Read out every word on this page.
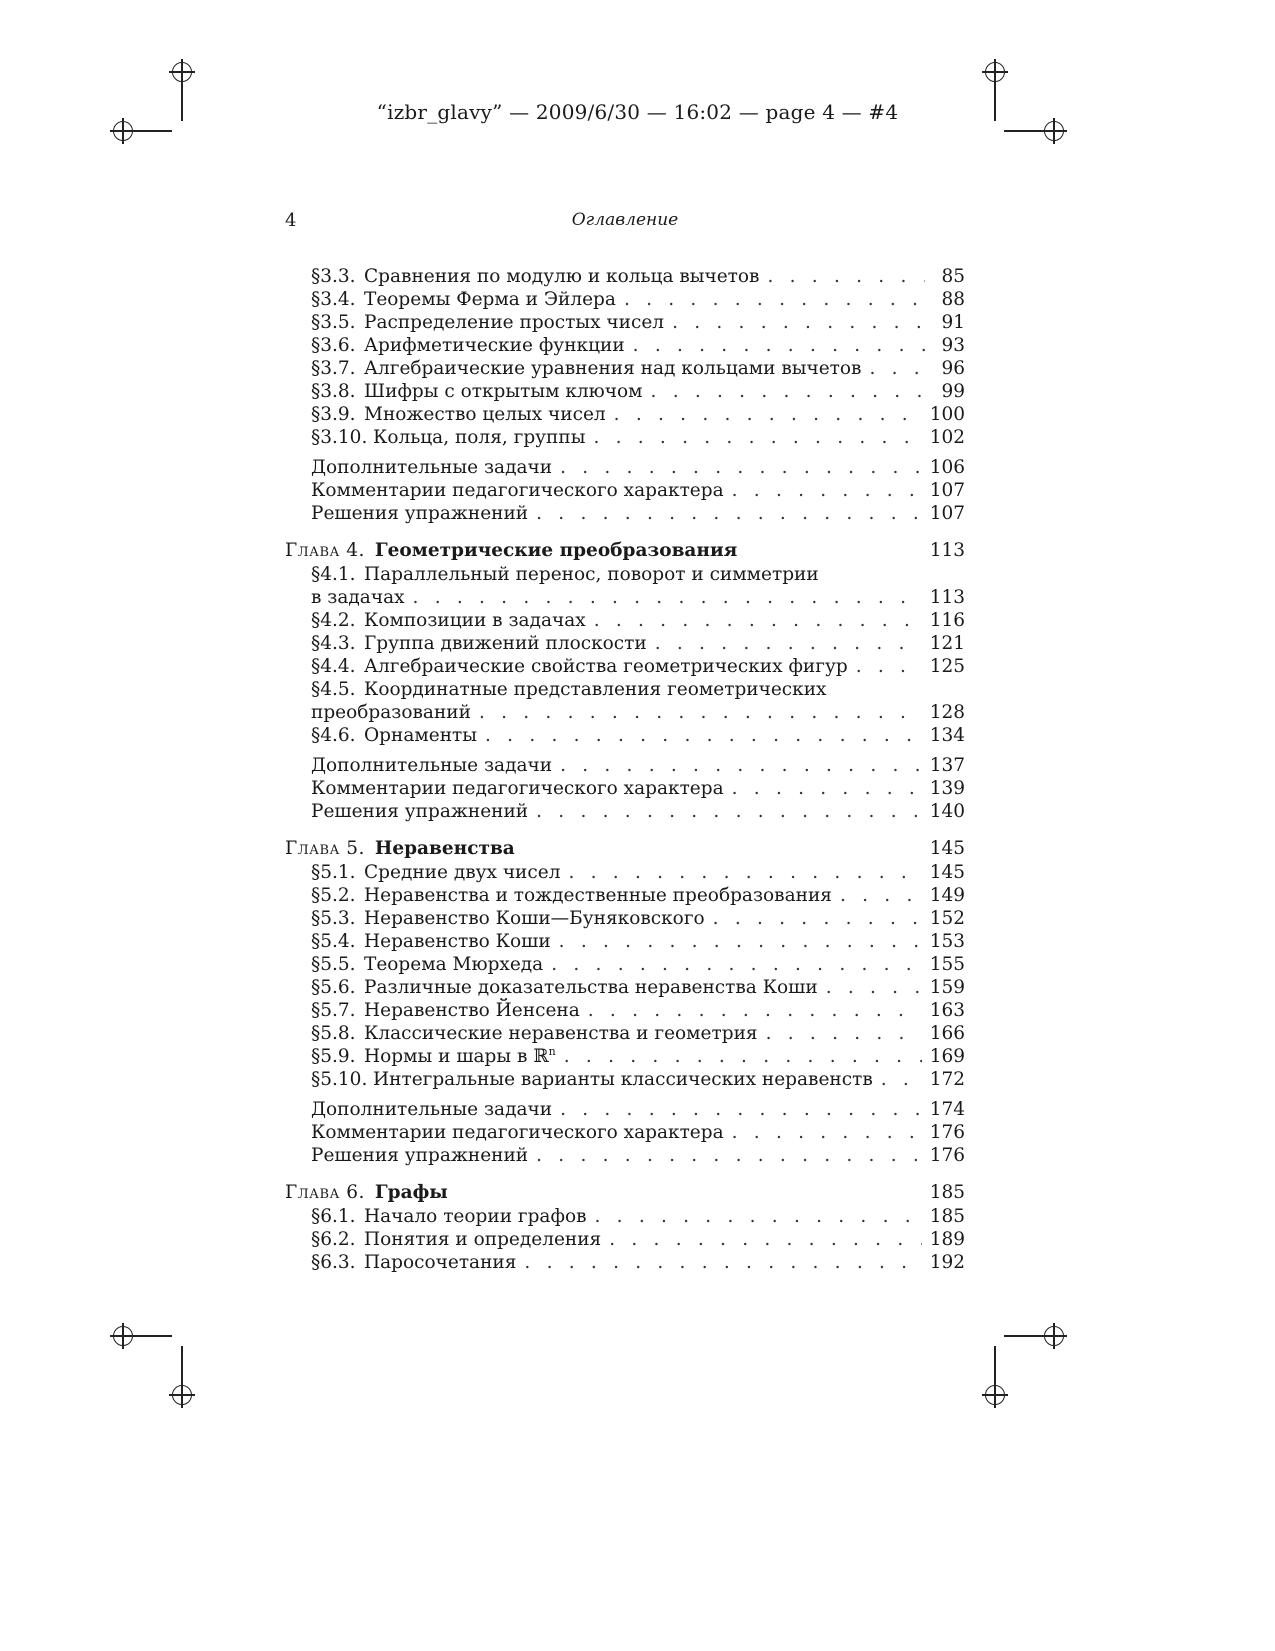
“izbr_glavy” — 2009/6/30 — 16:02 — page 4 — #4
4	Оглавление
§3.3. Сравнения по модулю и кольца вычетов . . .	85
§3.4. Теоремы Ферма и Эйлера . . .	88
§3.5. Распределение простых чисел . . .	91
§3.6. Арифметические функции . . .	93
§3.7. Алгебраические уравнения над кольцами вычетов . . .	96
§3.8. Шифры с открытым ключом . . .	99
§3.9. Множество целых чисел . . .	100
§3.10. Кольца, поля, группы . . .	102
Дополнительные задачи . . .	106
Комментарии педагогического характера . . .	107
Решения упражнений . . .	107
Глава 4. Геометрические преобразования	113
§4.1. Параллельный перенос, поворот и симметрии
в задачах . . .	113
§4.2. Композиции в задачах . . .	116
§4.3. Группа движений плоскости . . .	121
§4.4. Алгебраические свойства геометрических фигур . . .	125
§4.5. Координатные представления геометрических
преобразований . . .	128
§4.6. Орнаменты . . .	134
Дополнительные задачи . . .	137
Комментарии педагогического характера . . .	139
Решения упражнений . . .	140
Глава 5. Неравенства	145
§5.1. Средние двух чисел . . .	145
§5.2. Неравенства и тождественные преобразования . . .	149
§5.3. Неравенство Коши—Буняковского . . .	152
§5.4. Неравенство Коши . . .	153
§5.5. Теорема Мюрхеда . . .	155
§5.6. Различные доказательства неравенства Коши . . .	159
§5.7. Неравенство Йенсена . . .	163
§5.8. Классические неравенства и геометрия . . .	166
§5.9. Нормы и шары в ℝ$^n$ . . .	169
§5.10. Интегральные варианты классических неравенств . . .	172
Дополнительные задачи . . .	174
Комментарии педагогического характера . . .	176
Решения упражнений . . .	176
Глава 6. Графы	185
§6.1. Начало теории графов . . .	185
§6.2. Понятия и определения . . .	189
§6.3. Паросочетания . . .	192
